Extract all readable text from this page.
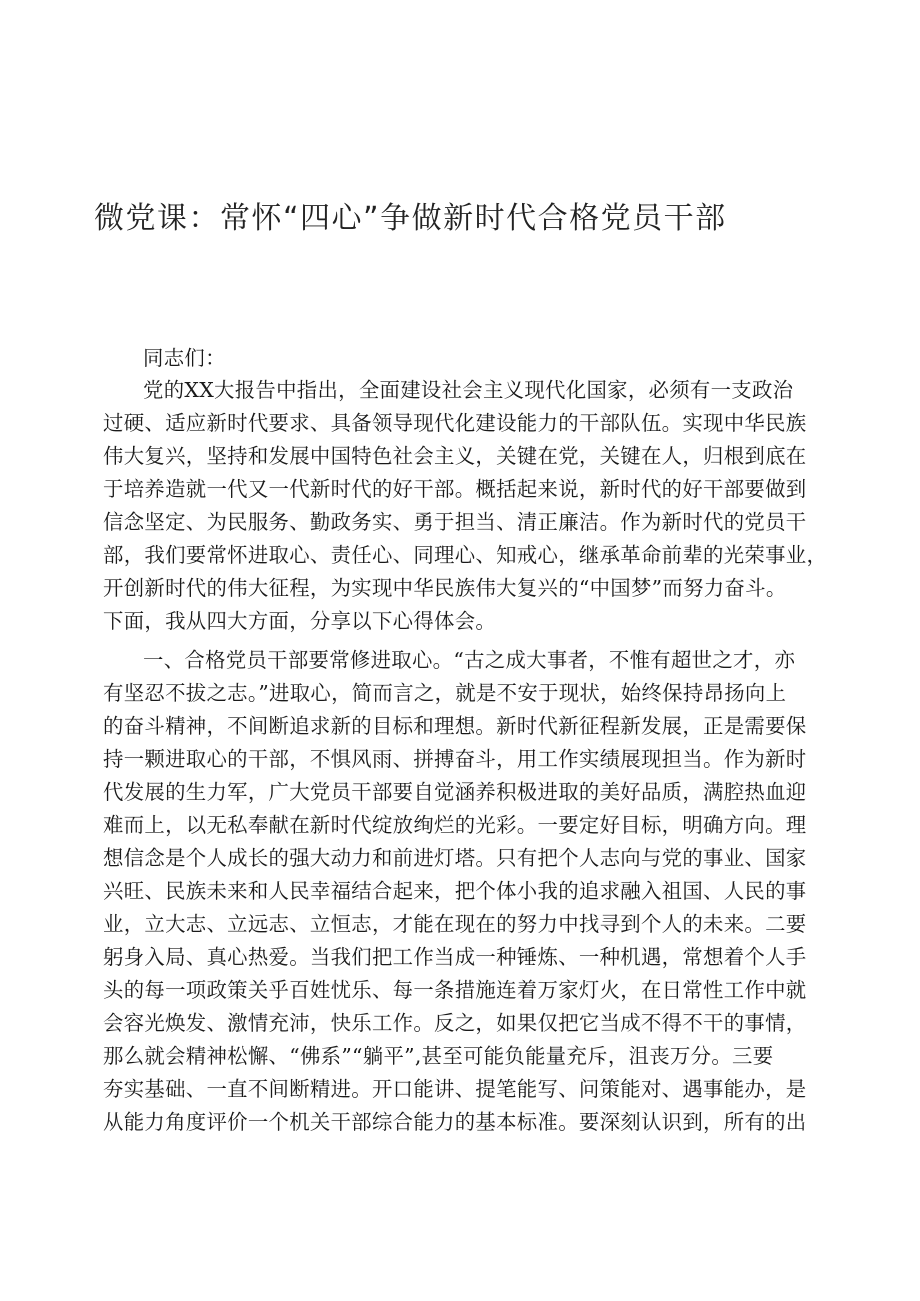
微党课：常怀“四心”争做新时代合格党员干部
同志们：
党的XX大报告中指出，全面建设社会主义现代化国家，必须有一支政治
过硬、适应新时代要求、具备领导现代化建设能力的干部队伍。实现中华民族
伟大复兴，坚持和发展中国特色社会主义，关键在党，关键在人，归根到底在
于培养造就一代又一代新时代的好干部。概括起来说，新时代的好干部要做到
信念坚定、为民服务、勤政务实、勇于担当、清正廉洁。作为新时代的党员干
部，我们要常怀进取心、责任心、同理心、知戒心，继承革命前辈的光荣事业，
开创新时代的伟大征程，为实现中华民族伟大复兴的“中国梦”而努力奋斗。
下面，我从四大方面，分享以下心得体会。
一、合格党员干部要常修进取心。“古之成大事者，不惟有超世之才，亦
有坚忍不拔之志。”进取心，简而言之，就是不安于现状，始终保持昂扬向上
的奋斗精神，不间断追求新的目标和理想。新时代新征程新发展，正是需要保
持一颗进取心的干部，不惧风雨、拼搏奋斗，用工作实绩展现担当。作为新时
代发展的生力军，广大党员干部要自觉涵养积极进取的美好品质，满腔热血迎
难而上，以无私奉献在新时代绽放绚烂的光彩。一要定好目标，明确方向。理
想信念是个人成长的强大动力和前进灯塔。只有把个人志向与党的事业、国家
兴旺、民族未来和人民幸福结合起来，把个体小我的追求融入祖国、人民的事
业，立大志、立远志、立恒志，才能在现在的努力中找寻到个人的未来。二要
躬身入局、真心热爱。当我们把工作当成一种锤炼、一种机遇，常想着个人手
头的每一项政策关乎百姓忧乐、每一条措施连着万家灯火，在日常性工作中就
会容光焕发、激情充沛，快乐工作。反之，如果仅把它当成不得不干的事情，
那么就会精神松懈、“佛系”“躺平”,甚至可能负能量充斥，沮丧万分。三要
夯实基础、一直不间断精进。开口能讲、提笔能写、问策能对、遇事能办，是
从能力角度评价一个机关干部综合能力的基本标准。要深刻认识到，所有的出
